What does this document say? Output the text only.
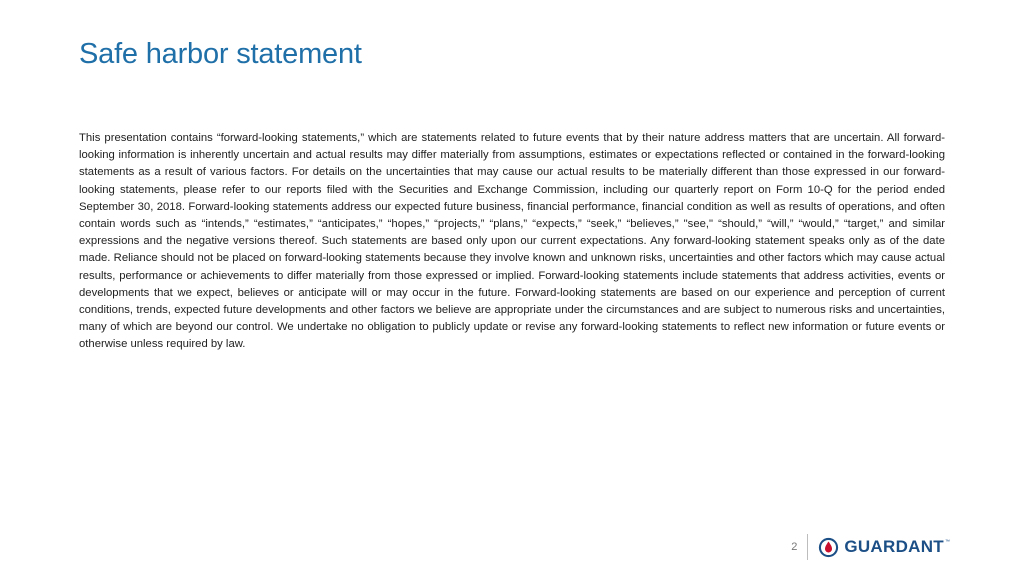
Safe harbor statement

This presentation contains “forward-looking statements,” which are statements related to future events that by their nature address matters that are uncertain. All forward-looking information is inherently uncertain and actual results may differ materially from assumptions, estimates or expectations reflected or contained in the forward-looking statements as a result of various factors. For details on the uncertainties that may cause our actual results to be materially different than those expressed in our forward-looking statements, please refer to our reports filed with the Securities and Exchange Commission, including our quarterly report on Form 10-Q for the period ended September 30, 2018. Forward-looking statements address our expected future business, financial performance, financial condition as well as results of operations, and often contain words such as “intends,” “estimates,” “anticipates,” “hopes,” “projects,” “plans,” “expects,” “seek,” “believes,” "see," “should,” “will,” “would,” “target,” and similar expressions and the negative versions thereof. Such statements are based only upon our current expectations. Any forward-looking statement speaks only as of the date made. Reliance should not be placed on forward-looking statements because they involve known and unknown risks, uncertainties and other factors which may cause actual results, performance or achievements to differ materially from those expressed or implied. Forward-looking statements include statements that address activities, events or developments that we expect, believes or anticipate will or may occur in the future. Forward-looking statements are based on our experience and perception of current conditions, trends, expected future developments and other factors we believe are appropriate under the circumstances and are subject to numerous risks and uncertainties, many of which are beyond our control. We undertake no obligation to publicly update or revise any forward-looking statements to reflect new information or future events or otherwise unless required by law.

2	GUARDANT ™
